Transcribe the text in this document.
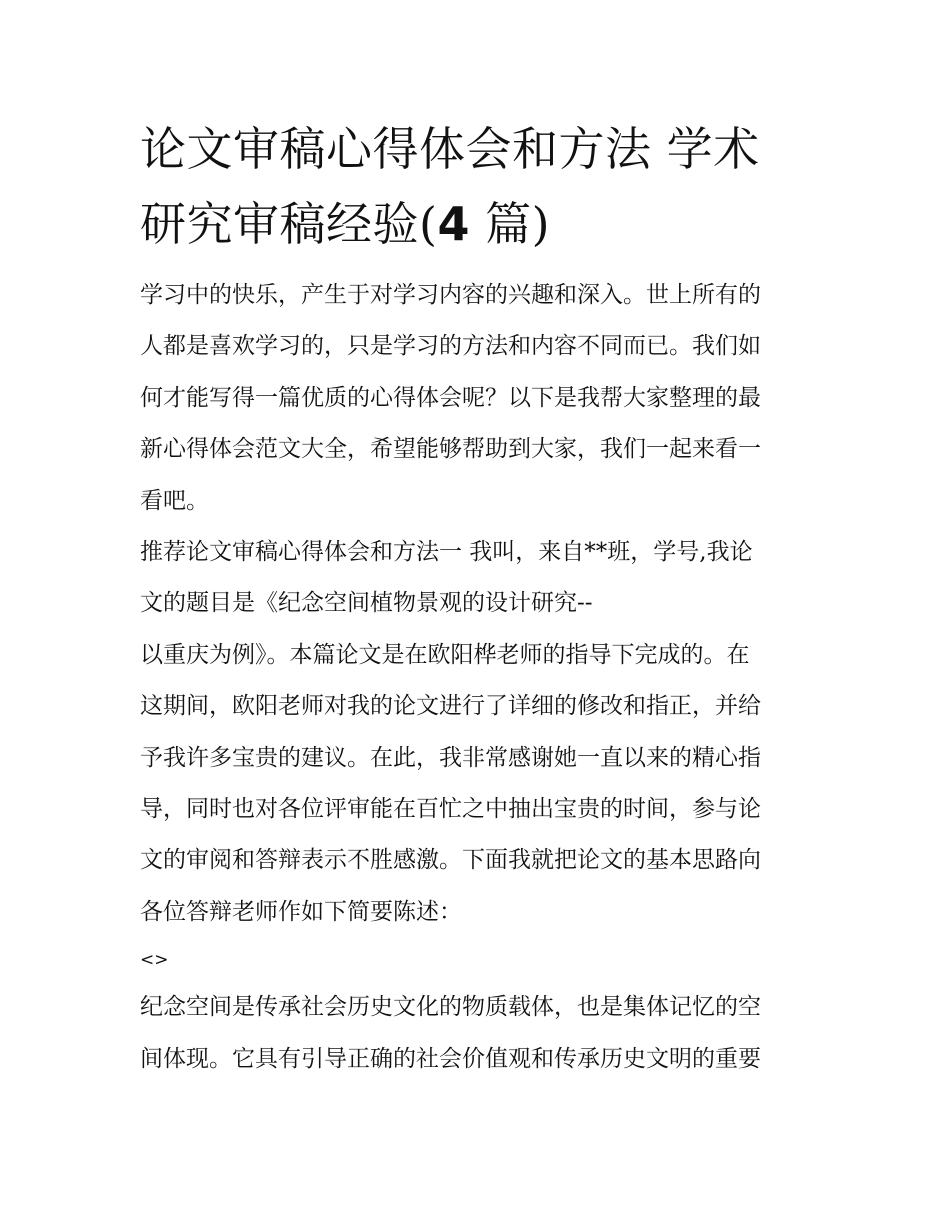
论文审稿心得体会和方法 学术
研究审稿经验(4 篇)

学习中的快乐，产生于对学习内容的兴趣和深入。世上所有的
人都是喜欢学习的，只是学习的方法和内容不同而已。我们如
何才能写得一篇优质的心得体会呢？以下是我帮大家整理的最
新心得体会范文大全，希望能够帮助到大家，我们一起来看一
看吧。

推荐论文审稿心得体会和方法一 我叫，来自**班，学号,我论
文的题目是《纪念空间植物景观的设计研究--
以重庆为例》。本篇论文是在欧阳桦老师的指导下完成的。在
这期间，欧阳老师对我的论文进行了详细的修改和指正，并给
予我许多宝贵的建议。在此，我非常感谢她一直以来的精心指
导，同时也对各位评审能在百忙之中抽出宝贵的时间，参与论
文的审阅和答辩表示不胜感激。下面我就把论文的基本思路向
各位答辩老师作如下简要陈述：

<>

纪念空间是传承社会历史文化的物质载体，也是集体记忆的空
间体现。它具有引导正确的社会价值观和传承历史文明的重要
